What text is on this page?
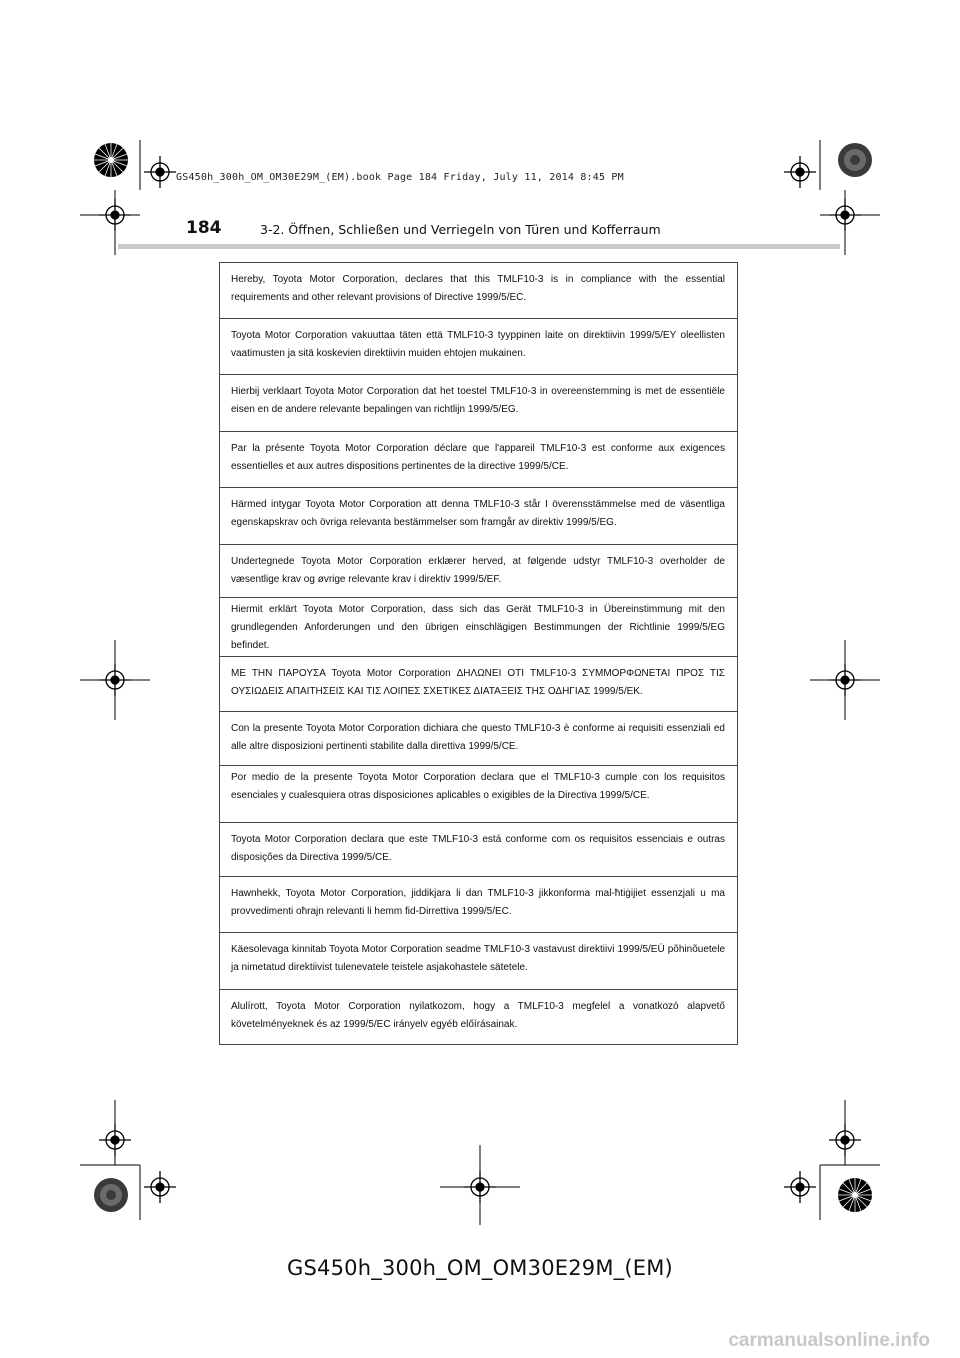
GS450h_300h_OM_OM30E29M_(EM).book Page 184 Friday, July 11, 2014 8:45 PM
184	3-2. Öffnen, Schließen und Verriegeln von Türen und Kofferraum
Hereby, Toyota Motor Corporation, declares that this TMLF10-3 is in compliance with the essential requirements and other relevant provisions of Directive 1999/5/EC.
Toyota Motor Corporation vakuuttaa täten että TMLF10-3 tyyppinen laite on direktiivin 1999/5/EY oleellisten vaatimusten ja sitä koskevien direktiivin muiden ehtojen mukainen.
Hierbij verklaart Toyota Motor Corporation dat het toestel TMLF10-3 in overeenstemming is met de essentiële eisen en de andere relevante bepalingen van richtlijn 1999/5/EG.
Par la présente Toyota Motor Corporation déclare que l'appareil TMLF10-3 est conforme aux exigences essentielles et aux autres dispositions pertinentes de la directive 1999/5/CE.
Härmed intygar Toyota Motor Corporation att denna TMLF10-3 står I överensstämmelse med de väsentliga egenskapskrav och övriga relevanta bestämmelser som framgår av direktiv 1999/5/EG.
Undertegnede Toyota Motor Corporation erklærer herved, at følgende udstyr TMLF10-3 overholder de væsentlige krav og øvrige relevante krav i direktiv 1999/5/EF.
Hiermit erklärt Toyota Motor Corporation, dass sich das Gerät TMLF10-3 in Übereinstimmung mit den grundlegenden Anforderungen und den übrigen einschlägigen Bestimmungen der Richtlinie 1999/5/EG befindet.
ΜΕ ΤΗΝ ΠΑΡΟΥΣΑ Toyota Motor Corporation ΔΗΛΩΝΕΙ ΟΤΙ TMLF10-3 ΣΥΜΜΟΡΦΩΝΕΤΑΙ ΠΡΟΣ ΤΙΣ ΟΥΣΙΩΔΕΙΣ ΑΠΑΙΤΗΣΕΙΣ ΚΑΙ ΤΙΣ ΛΟΙΠΕΣ ΣΧΕΤΙΚΕΣ ΔΙΑΤΑΞΕΙΣ ΤΗΣ ΟΔΗΓΙΑΣ 1999/5/ΕΚ.
Con la presente Toyota Motor Corporation dichiara che questo TMLF10-3 è conforme ai requisiti essenziali ed alle altre disposizioni pertinenti stabilite dalla direttiva 1999/5/CE.
Por medio de la presente Toyota Motor Corporation declara que el TMLF10-3 cumple con los requisitos esenciales y cualesquiera otras disposiciones aplicables o exigibles de la Directiva 1999/5/CE.
Toyota Motor Corporation declara que este TMLF10-3 está conforme com os requisitos essenciais e outras disposições da Directiva 1999/5/CE.
Hawnhekk, Toyota Motor Corporation, jiddikjara li dan TMLF10-3 jikkonforma mal-ħtiġijiet essenzjali u ma provvedimenti oħrajn relevanti li hemm fid-Dirrettiva 1999/5/EC.
Käesolevaga kinnitab Toyota Motor Corporation seadme TMLF10-3 vastavust direktiivi 1999/5/EÜ põhinõuetele ja nimetatud direktiivist tulenevatele teistele asjakohastele sätetele.
Alulírott, Toyota Motor Corporation nyilatkozom, hogy a TMLF10-3 megfelel a vonatkozó alapvető követelményeknek és az 1999/5/EC irányelv egyéb előírásainak.
GS450h_300h_OM_OM30E29M_(EM)
carmanualsonline.info
